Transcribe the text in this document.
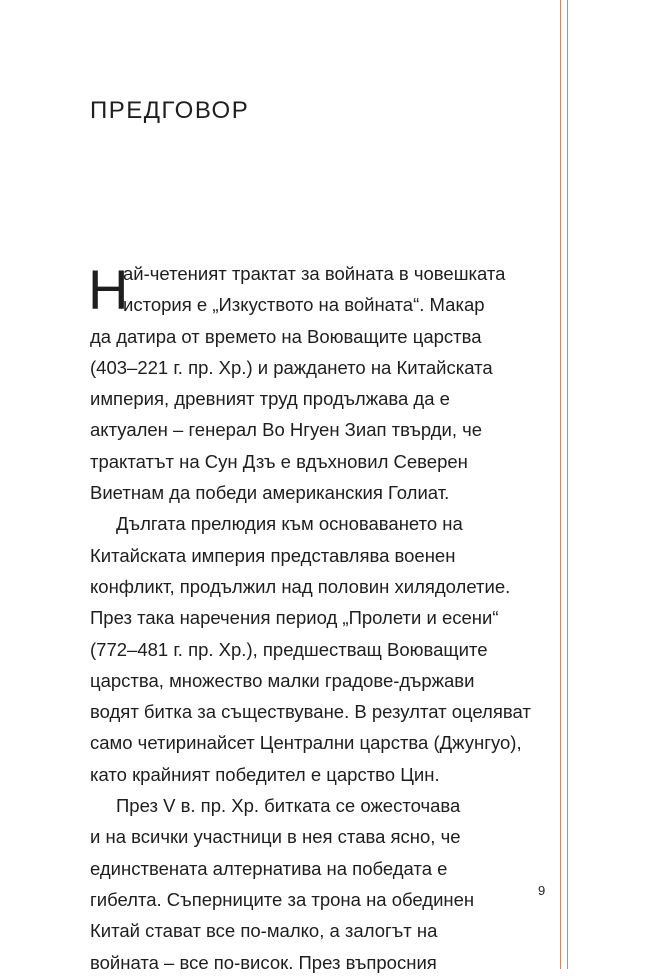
ПРЕДГОВОР
Н
ай-четеният трактат за войната в човешката
история е „Изкуството на войната“. Макар
да датира от времето на Воюващите царства
(403–221 г. пр. Хр.) и раждането на Китайската
империя, древният труд продължава да е
актуален – генерал Во Нгуен Зиап твърди, че
трактатът на Сун Дзъ е вдъхновил Северен
Виетнам да победи американския Голиат.
Дългата прелюдия към основаването на
Китайската империя представлява военен
конфликт, продължил над половин хилядолетие.
През така наречения период „Пролети и есени“
(772–481 г. пр. Хр.), предшестващ Воюващите
царства, множество малки градове-държави
водят битка за съществуване. В резултат оцеляват
само четиринайсет Централни царства (Джунгуо),
като крайният победител е царство Цин.
През V в. пр. Хр. битката се ожесточава
и на всички участници в нея става ясно, че
единствената алтернатива на победата е
гибелта. Съперниците за трона на обединен
Китай стават все по-малко, а залогът на
войната – все по-висок. През въпросния
9
